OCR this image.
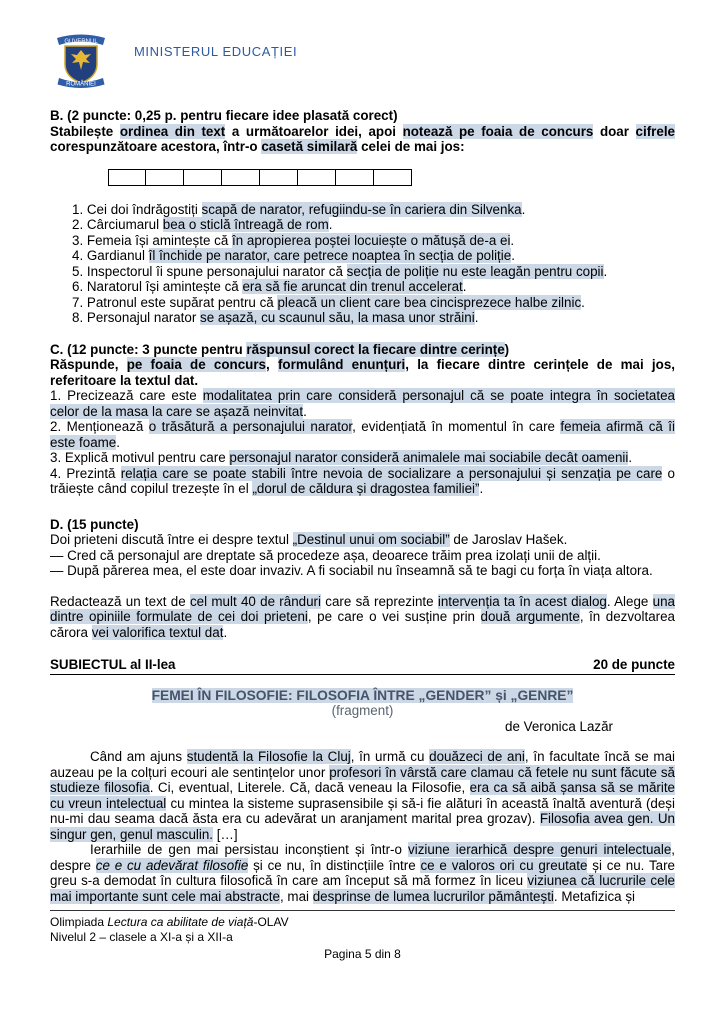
GUVERNUL
ROMÂNIEI
MINISTERUL EDUCAȚIEI

B. (2 puncte: 0,25 p. pentru fiecare idee plasată corect)

Stabilește ordinea din text a următoarelor idei, apoi notează pe foaia de concurs doar cifrele corespunzătoare acestora, într-o casetă similară celei de mai jos:

1. Cei doi îndrăgostiți scapă de narator, refugiindu-se în cariera din Silvenka.

2. Cârciumarul bea o sticlă întreagă de rom.

3. Femeia își amintește că în apropierea poștei locuiește o mătușă de-a ei.

4. Gardianul îl închide pe narator, care petrece noaptea în secția de poliție.

5. Inspectorul îi spune personajului narator că secția de poliție nu este leagăn pentru copii.

6. Naratorul își amintește că era să fie aruncat din trenul accelerat.

7. Patronul este supărat pentru că pleacă un client care bea cincisprezece halbe zilnic.

8. Personajul narator se așază, cu scaunul său, la masa unor străini.

C. (12 puncte: 3 puncte pentru răspunsul corect la fiecare dintre cerințe)

Răspunde, pe foaia de concurs, formulând enunțuri, la fiecare dintre cerințele de mai jos, referitoare la textul dat.

1. Precizează care este modalitatea prin care consideră personajul că se poate integra în societatea celor de la masa la care se așază neinvitat.

2. Menționează o trăsătură a personajului narator, evidențiată în momentul în care femeia afirmă că îi este foame.

3. Explică motivul pentru care personajul narator consideră animalele mai sociabile decât oamenii.

4. Prezintă relația care se poate stabili între nevoia de socializare a personajului și senzația pe care o trăiește când copilul trezește în el „dorul de căldura și dragostea familiei”.

D. (15 puncte)

Doi prieteni discută între ei despre textul „Destinul unui om sociabil” de Jaroslav Hašek.

— Cred că personajul are dreptate să procedeze așa, deoarece trăim prea izolați unii de alții.

— După părerea mea, el este doar invaziv. A fi sociabil nu înseamnă să te bagi cu forța în viața altora.

Redactează un text de cel mult 40 de rânduri care să reprezinte intervenția ta în acest dialog. Alege una dintre opiniile formulate de cei doi prieteni, pe care o vei susține prin două argumente, în dezvoltarea cărora vei valorifica textul dat.

SUBIECTUL al II-lea	20 de puncte

FEMEI ÎN FILOSOFIE: FILOSOFIA ÎNTRE „GENDER” și „GENRE”

(fragment)

de Veronica Lazăr

Când am ajuns studentă la Filosofie la Cluj, în urmă cu douăzeci de ani, în facultate încă se mai auzeau pe la colțuri ecouri ale sentințelor unor profesori în vârstă care clamau că fetele nu sunt făcute să studieze filosofia. Ci, eventual, Literele. Că, dacă veneau la Filosofie, era ca să aibă șansa să se mărite cu vreun intelectual cu mintea la sisteme suprasensibile și să-i fie alături în această înaltă aventură (deși nu-mi dau seama dacă ăsta era cu adevărat un aranjament marital prea grozav). Filosofia avea gen. Un singur gen, genul masculin. […]

Ierarhiile de gen mai persistau inconștient și într-o viziune ierarhică despre genuri intelectuale, despre ce e cu adevărat filosofie și ce nu, în distincțiile între ce e valoros ori cu greutate și ce nu. Tare greu s-a demodat în cultura filosofică în care am început să mă formez în liceu viziunea că lucrurile cele mai importante sunt cele mai abstracte, mai desprinse de lumea lucrurilor pământești. Metafizica și

Olimpiada Lectura ca abilitate de viață-OLAV
Nivelul 2 – clasele a XI-a și a XII-a
Pagina 5 din 8
